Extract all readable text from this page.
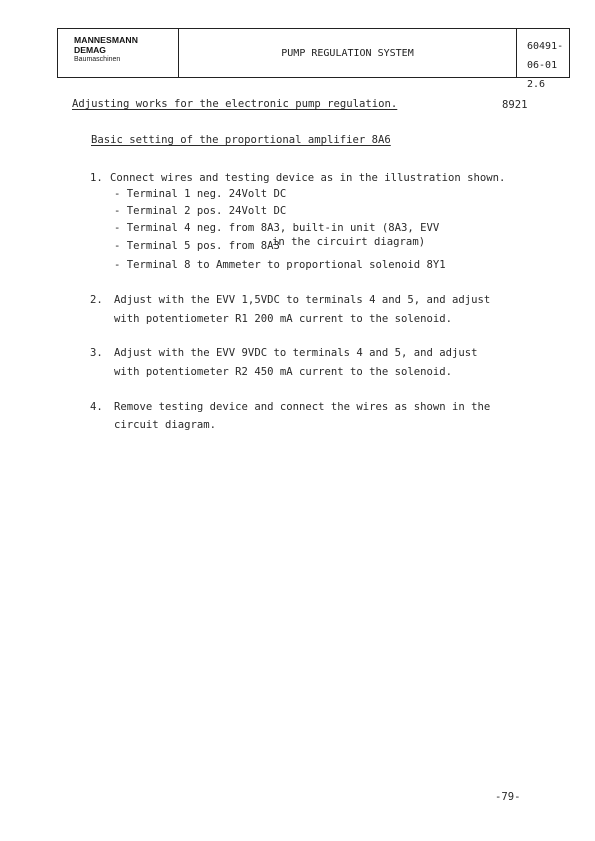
MANNESMANN
DEMAG
Baumaschinen
PUMP REGULATION SYSTEM
60491-06-01
2.6
Adjusting works for the electronic pump regulation.	8921
Basic setting of the proportional amplifier 8A6
1. Connect wires and testing device as in the illustration shown.
- Terminal 1 neg. 24Volt DC
- Terminal 2 pos. 24Volt DC
- Terminal 4 neg. from 8A3, built-in unit (8A3, EVV
- Terminal 5 pos. from 8A3
in the circuirt diagram)
- Terminal 8 to Ammeter to proportional solenoid 8Y1
2. Adjust with the EVV 1,5VDC to terminals 4 and 5, and adjust
with potentiometer R1 200 mA current to the solenoid.
3. Adjust with the EVV 9VDC to terminals 4 and 5, and adjust
with potentiometer R2 450 mA current to the solenoid.
4. Remove testing device and connect the wires as shown in the
circuit diagram.
-79-
